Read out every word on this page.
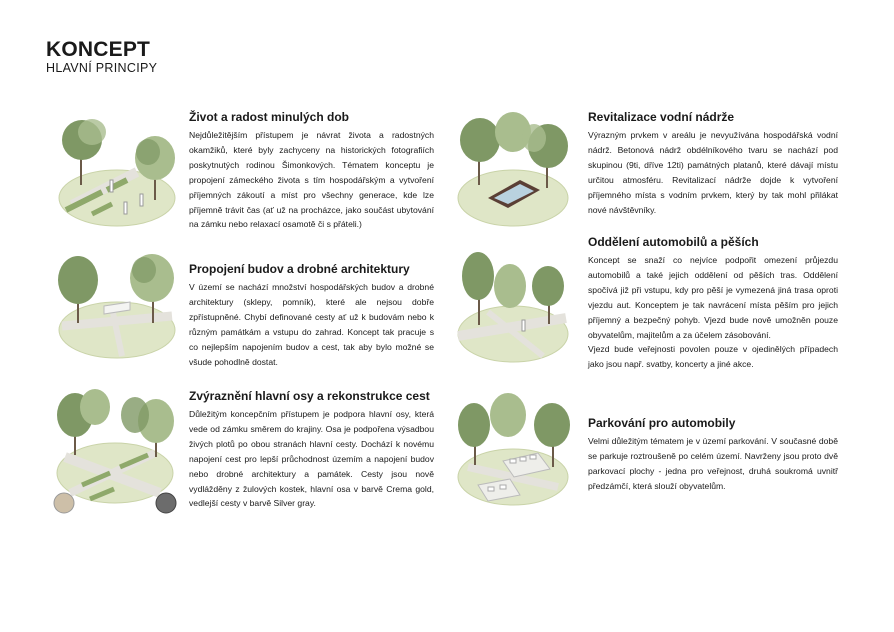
KONCEPT
HLAVNÍ PRINCIPY
Život a radost minulých dob

Nejdůležitějším přístupem je návrat života a radostných okamžiků, které byly zachyceny na historických fotografiích poskytnutých rodinou Šimonkových. Tématem konceptu je propojení zámeckého života s tím hospodářským a vytvoření příjemných zákoutí a míst pro všechny generace, kde lze příjemně trávit čas (ať už na procházce, jako součást ubytování na zámku nebo relaxací osamotě či s přáteli.)

Propojení budov a drobné architektury

V území se nachází množství hospodářských budov a drobné architektury (sklepy, pomník), které ale nejsou dobře zpřístupněné. Chybí definované cesty ať už k budovám nebo k různým památkám a vstupu do zahrad. Koncept tak pracuje s co nejlepším napojením budov a cest, tak aby bylo možné se všude pohodlně dostat.

Zvýraznění hlavní osy a rekonstrukce cest

Důležitým koncepčním přístupem je podpora hlavní osy, která vede od zámku směrem do krajiny. Osa je podpořena výsadbou živých plotů po obou stranách hlavní cesty. Dochází k novému napojení cest pro lepší průchodnost územím a napojení budov nebo drobné architektury a památek. Cesty jsou nově vydlážděny z žulových kostek, hlavní osa v barvě Crema gold, vedlejší cesty v barvě Silver gray.

Revitalizace vodní nádrže

Výrazným prvkem v areálu je nevyužívána hospodářská vodní nádrž. Betonová nádrž obdélníkového tvaru se nachází pod skupinou (9ti, dříve 12ti) památných platanů, které dávají místu určitou atmosféru. Revitalizací nádrže dojde k vytvoření příjemného místa s vodním prvkem, který by tak mohl přilákat nové návštěvníky.

Oddělení automobilů a pěších

Koncept se snaží co nejvíce podpořit omezení průjezdu automobilů a také jejich oddělení od pěších tras. Oddělení spočívá již při vstupu, kdy pro pěší je vymezená jiná trasa oproti vjezdu aut. Konceptem je tak navrácení místa pěším pro jejich příjemný a bezpečný pohyb. Vjezd bude nově umožněn pouze obyvatelům, majitelům a za účelem zásobování.

Vjezd bude veřejnosti povolen pouze v ojedinělých případech jako jsou např. svatby, koncerty a jiné akce.

Parkování pro automobily

Velmi důležitým tématem je v území parkování. V současné době se parkuje roztroušeně po celém území. Navrženy jsou proto dvě parkovací plochy - jedna pro veřejnost, druhá soukromá uvnitř předzámčí, která slouží obyvatelům.
